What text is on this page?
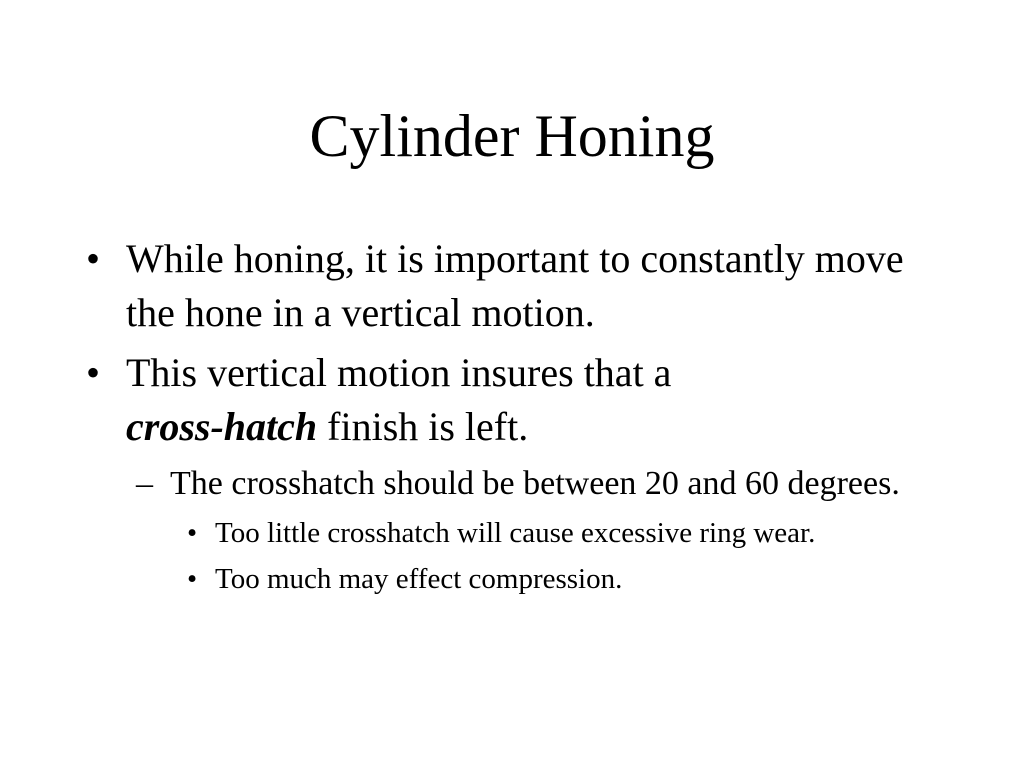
Cylinder Honing

• While honing, it is important to constantly move the hone in a vertical motion.

• This vertical motion insures that a
cross-hatch finish is left.

– The crosshatch should be between 20 and 60 degrees.

• Too little crosshatch will cause excessive ring wear.

• Too much may effect compression.
